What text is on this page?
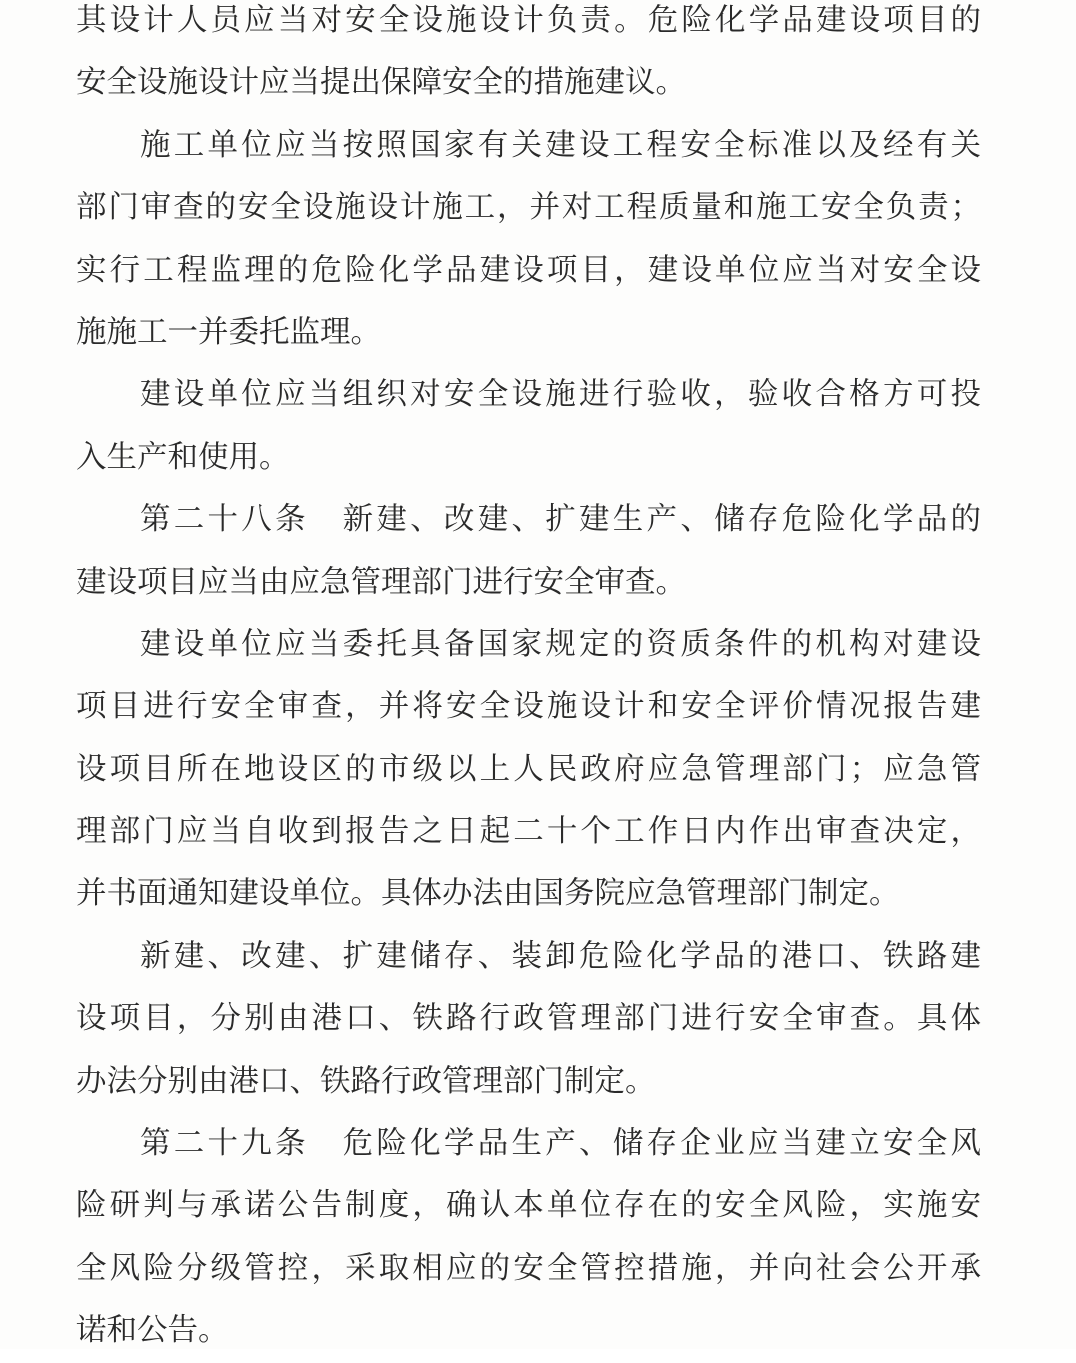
其设计人员应当对安全设施设计负责。危险化学品建设项目的
安全设施设计应当提出保障安全的措施建议。
施工单位应当按照国家有关建设工程安全标准以及经有关
部门审查的安全设施设计施工，并对工程质量和施工安全负责；
实行工程监理的危险化学品建设项目，建设单位应当对安全设
施施工一并委托监理。
建设单位应当组织对安全设施进行验收，验收合格方可投
入生产和使用。
第二十八条　新建、改建、扩建生产、储存危险化学品的
建设项目应当由应急管理部门进行安全审查。
建设单位应当委托具备国家规定的资质条件的机构对建设
项目进行安全审查，并将安全设施设计和安全评价情况报告建
设项目所在地设区的市级以上人民政府应急管理部门；应急管
理部门应当自收到报告之日起二十个工作日内作出审查决定，
并书面通知建设单位。具体办法由国务院应急管理部门制定。
新建、改建、扩建储存、装卸危险化学品的港口、铁路建
设项目，分别由港口、铁路行政管理部门进行安全审查。具体
办法分别由港口、铁路行政管理部门制定。
第二十九条　危险化学品生产、储存企业应当建立安全风
险研判与承诺公告制度，确认本单位存在的安全风险，实施安
全风险分级管控，采取相应的安全管控措施，并向社会公开承
诺和公告。
